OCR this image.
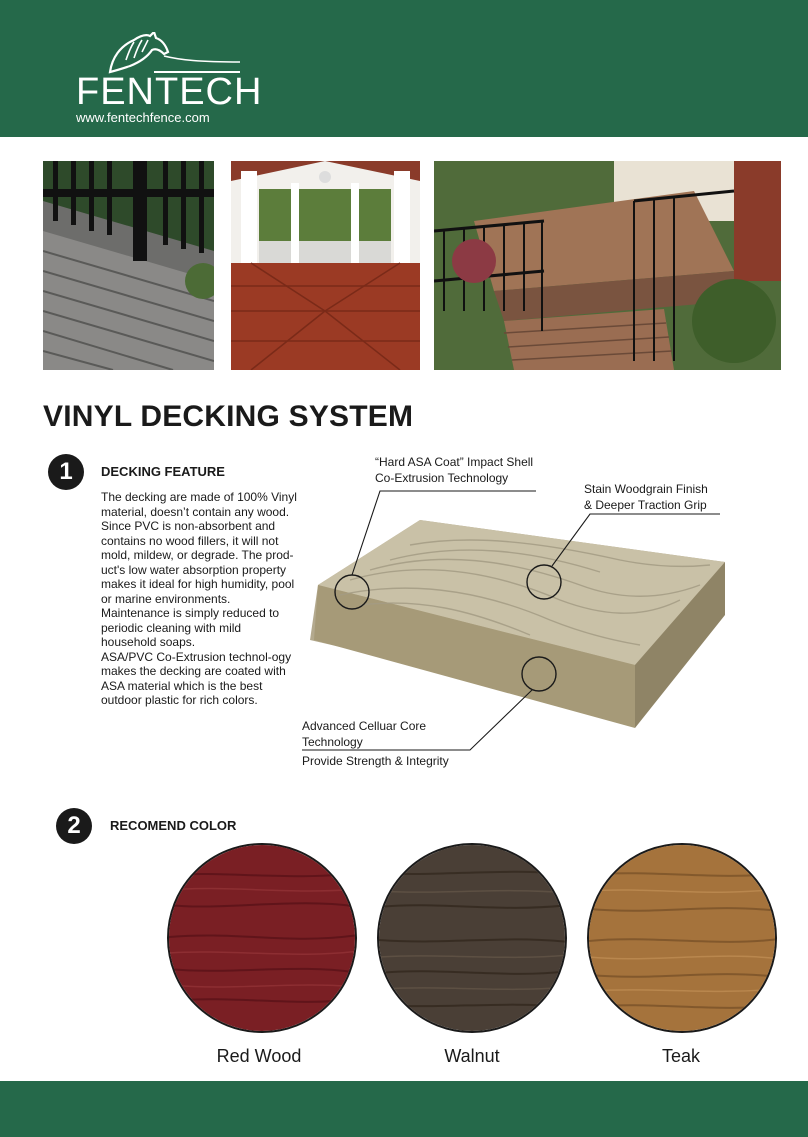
FENTECH
www.fentechfence.com
VINYL DECKING SYSTEM
1	DECKING FEATURE

The decking are made of 100% Vinyl material, doesn’t contain any wood. Since PVC is non-absorbent and contains no wood fillers, it will not mold, mildew, or degrade. The prod-uct's low water absorption property makes it ideal for high humidity, pool or marine environments. Maintenance is simply reduced to periodic cleaning with mild household soaps.

ASA/PVC Co-Extrusion technol-ogy makes the decking are coated with ASA material which is the best outdoor plastic for rich colors.

“Hard ASA Coat” Impact Shell
Co-Extrusion Technology
Stain Woodgrain Finish
& Deeper Traction Grip
Advanced Celluar Core
Technology
Provide Strength & Integrity
2	RECOMEND COLOR
Red Wood	Walnut	Teak
